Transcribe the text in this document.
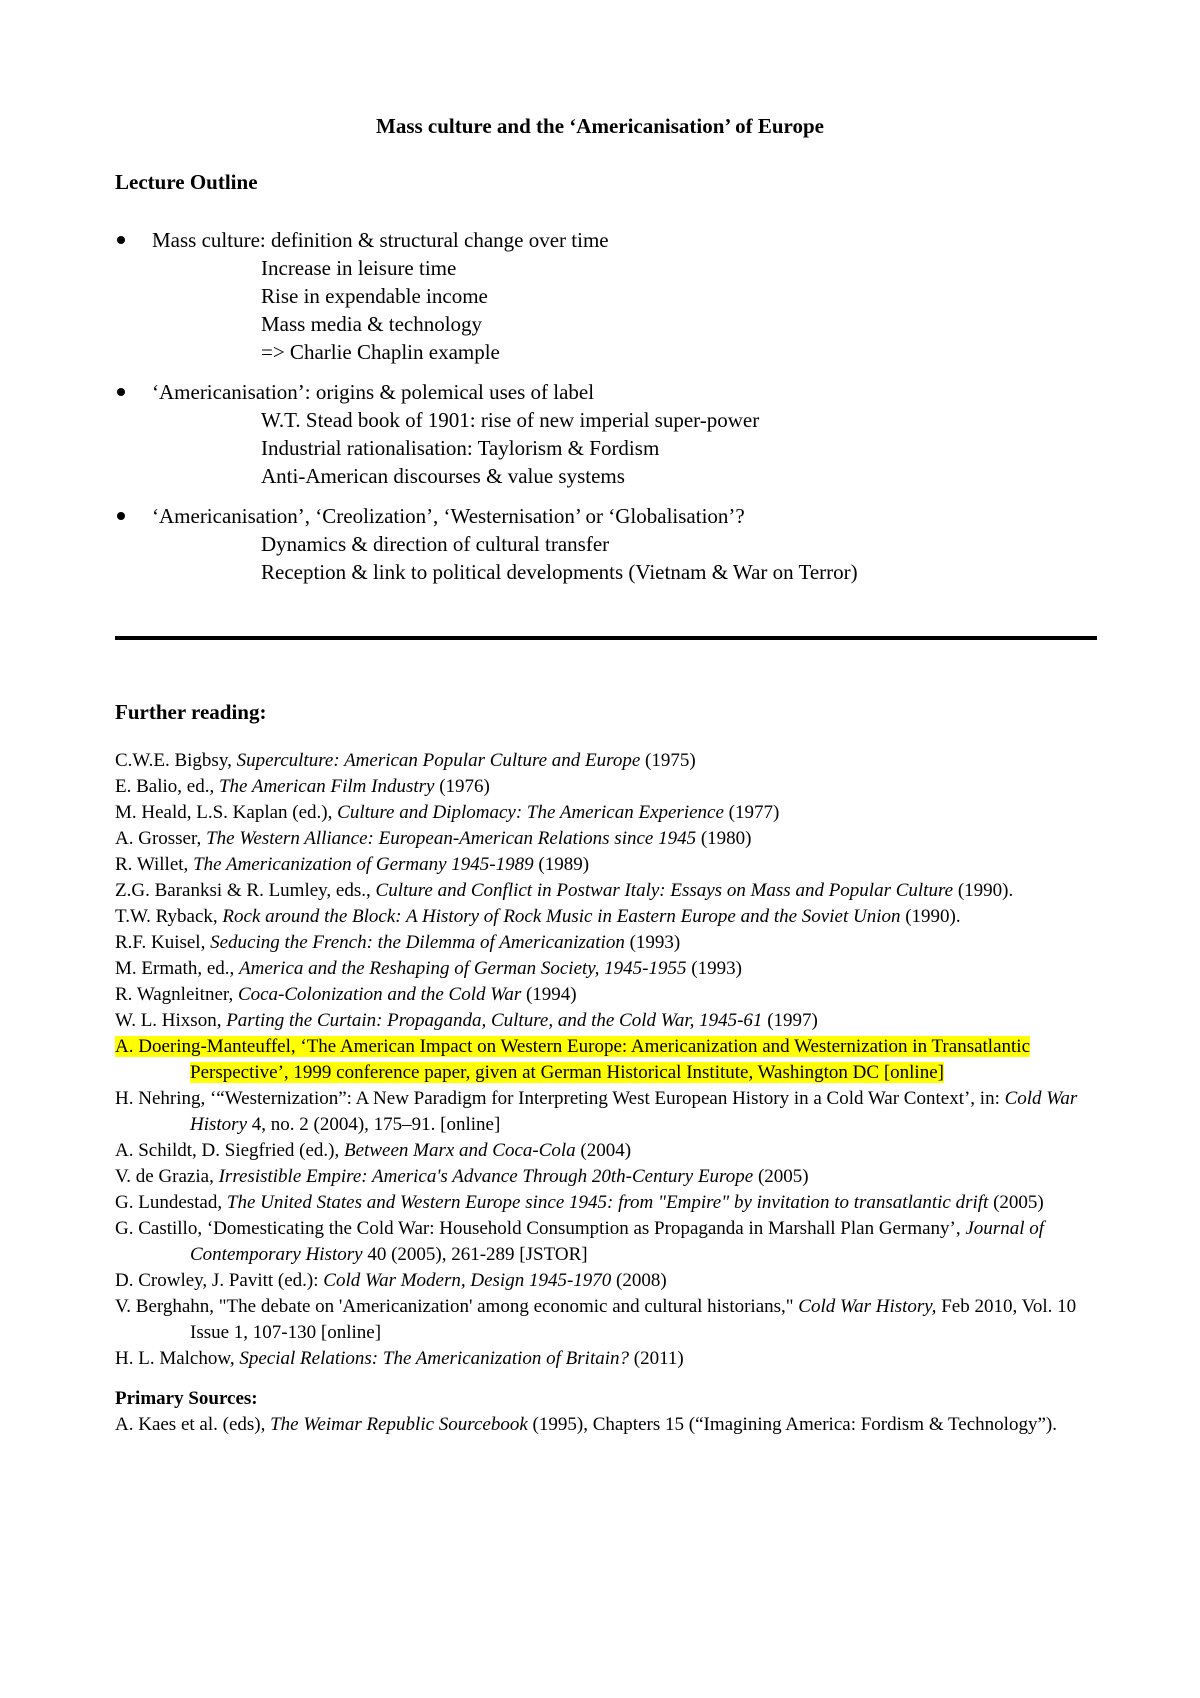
Mass culture and the ‘Americanisation’ of Europe
Lecture Outline
Mass culture: definition & structural change over time
Increase in leisure time
Rise in expendable income
Mass media & technology
=> Charlie Chaplin example
‘Americanisation’: origins & polemical uses of label
W.T. Stead book of 1901: rise of new imperial super-power
Industrial rationalisation: Taylorism & Fordism
Anti-American discourses & value systems
‘Americanisation’, ‘Creolization’, ‘Westernisation’ or ‘Globalisation’?
Dynamics & direction of cultural transfer
Reception & link to political developments (Vietnam & War on Terror)
Further reading:
C.W.E. Bigbsy, Superculture: American Popular Culture and Europe (1975)
E. Balio, ed., The American Film Industry (1976)
M. Heald, L.S. Kaplan (ed.), Culture and Diplomacy: The American Experience (1977)
A. Grosser, The Western Alliance: European-American Relations since 1945 (1980)
R. Willet, The Americanization of Germany 1945-1989 (1989)
Z.G. Baranksi & R. Lumley, eds., Culture and Conflict in Postwar Italy: Essays on Mass and Popular Culture (1990).
T.W. Ryback, Rock around the Block: A History of Rock Music in Eastern Europe and the Soviet Union (1990).
R.F. Kuisel, Seducing the French: the Dilemma of Americanization (1993)
M. Ermath, ed., America and the Reshaping of German Society, 1945-1955 (1993)
R. Wagnleitner, Coca-Colonization and the Cold War (1994)
W. L. Hixson, Parting the Curtain: Propaganda, Culture, and the Cold War, 1945-61 (1997)
A. Doering-Manteuffel, ‘The American Impact on Western Europe: Americanization and Westernization in Transatlantic Perspective’, 1999 conference paper, given at German Historical Institute, Washington DC [online]
H. Nehring, ‘“Westernization”: A New Paradigm for Interpreting West European History in a Cold War Context’, in: Cold War History 4, no. 2 (2004), 175–91. [online]
A. Schildt, D. Siegfried (ed.), Between Marx and Coca-Cola (2004)
V. de Grazia, Irresistible Empire: America's Advance Through 20th-Century Europe (2005)
G. Lundestad, The United States and Western Europe since 1945: from "Empire" by invitation to transatlantic drift (2005)
G. Castillo, ‘Domesticating the Cold War: Household Consumption as Propaganda in Marshall Plan Germany’, Journal of Contemporary History 40 (2005), 261-289 [JSTOR]
D. Crowley, J. Pavitt (ed.): Cold War Modern, Design 1945-1970 (2008)
V. Berghahn, "The debate on 'Americanization' among economic and cultural historians," Cold War History, Feb 2010, Vol. 10 Issue 1, 107-130 [online]
H. L. Malchow, Special Relations: The Americanization of Britain? (2011)
Primary Sources:
A. Kaes et al. (eds), The Weimar Republic Sourcebook (1995), Chapters 15 (“Imagining America: Fordism & Technology”).
